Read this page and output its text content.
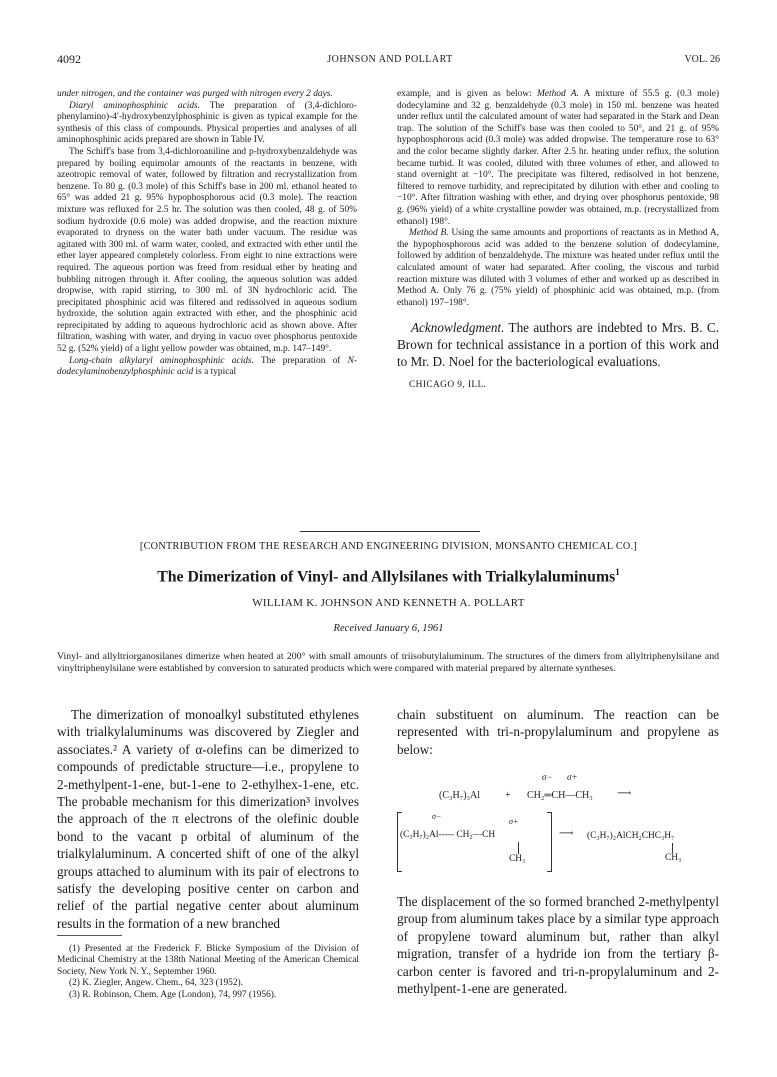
4092	JOHNSON AND POLLART	VOL. 26

under nitrogen, and the container was purged with nitrogen every 2 days.

Diaryl aminophosphinic acids. The preparation of (3,4-dichloro-phenylamino)-4′-hydroxybenzylphosphinic is given as typical example for the synthesis of this class of compounds. Physical properties and analyses of all aminophosphinic acids prepared are shown in Table IV.

The Schiff's base from 3,4-dichloroaniline and p-hydroxybenzaldehyde was prepared by boiling equimolar amounts of the reactants in benzene, with azeotropic removal of water, followed by filtration and recrystallization from benzene. To 80 g. (0.3 mole) of this Schiff's base in 200 ml. ethanol heated to 65° was added 21 g. 95% hypophosphorous acid (0.3 mole). The reaction mixture was refluxed for 2.5 hr. The solution was then cooled, 48 g. of 50% sodium hydroxide (0.6 mole) was added dropwise, and the reaction mixture evaporated to dryness on the water bath under vacuum. The residue was agitated with 300 ml. of warm water, cooled, and extracted with ether until the ether layer appeared completely colorless. From eight to nine extractions were required. The aqueous portion was freed from residual ether by heating and bubbling nitrogen through it. After cooling, the aqueous solution was added dropwise, with rapid stirring, to 300 ml. of 3N hydrochloric acid. The precipitated phosphinic acid was filtered and redissolved in aqueous sodium hydroxide, the solution again extracted with ether, and the phosphinic acid reprecipitated by adding to aqueous hydrochloric acid as shown above. After filtration, washing with water, and drying in vacuo over phosphorus pentoxide 52 g. (52% yield) of a light yellow powder was obtained, m.p. 147–149°.

Long-chain alkylaryl aminophosphinic acids. The preparation of N-dodecylaminobenzylphosphinic acid is a typical

example, and is given as below: Method A. A mixture of 55.5 g. (0.3 mole) dodecylamine and 32 g. benzaldehyde (0.3 mole) in 150 ml. benzene was heated under reflux until the calculated amount of water had separated in the Stark and Dean trap. The solution of the Schiff's base was then cooled to 50°, and 21 g. of 95% hypophosphorous acid (0.3 mole) was added dropwise. The temperature rose to 63° and the color became slightly darker. After 2.5 hr. heating under reflux, the solution became turbid. It was cooled, diluted with three volumes of ether, and allowed to stand overnight at −10°. The precipitate was filtered, redisolved in hot benzene, filtered to remove turbidity, and reprecipitated by dilution with ether and cooling to −10°. After filtration washing with ether, and drying over phosphorus pentoxide, 98 g. (96% yield) of a white crystalline powder was obtained, m.p. (recrystallized from ethanol) 198°.

Method B. Using the same amounts and proportions of reactants as in Method A, the hypophosphorous acid was added to the benzene solution of dodecylamine, followed by addition of benzaldehyde. The mixture was heated under reflux until the calculated amount of water had separated. After cooling, the viscous and turbid reaction mixture was diluted with 3 volumes of ether and worked up as described in Method A. Only 76 g. (75% yield) of phosphinic acid was obtained, m.p. (from ethanol) 197–198°.

Acknowledgment. The authors are indebted to Mrs. B. C. Brown for technical assistance in a portion of this work and to Mr. D. Noel for the bacteriological evaluations.

CHICAGO 9, ILL.

[CONTRIBUTION FROM THE RESEARCH AND ENGINEERING DIVISION, MONSANTO CHEMICAL CO.]
The Dimerization of Vinyl- and Allylsilanes with Trialkylaluminums$^1$
WILLIAM K. JOHNSON AND KENNETH A. POLLART
Received January 6, 1961
Vinyl- and allyltriorganosilanes dimerize when heated at 200° with small amounts of triisobutylaluminum. The structures of the dimers from allyltriphenylsilane and vinyltriphenylsilane were established by conversion to saturated products which were compared with material prepared by alternate syntheses.

The dimerization of monoalkyl substituted ethylenes with trialkylaluminums was discovered by Ziegler and associates.² A variety of α-olefins can be dimerized to compounds of predictable structure—i.e., propylene to 2-methylpent-1-ene, but-1-ene to 2-ethylhex-1-ene, etc. The probable mechanism for this dimerization³ involves the approach of the π electrons of the olefinic double bond to the vacant p orbital of aluminum of the trialkylaluminum. A concerted shift of one of the alkyl groups attached to aluminum with its pair of electrons to satisfy the developing positive center on carbon and relief of the partial negative center about aluminum results in the formation of a new branched

(1) Presented at the Frederick F. Blicke Symposium of the Division of Medicinal Chemistry at the 138th National Meeting of the American Chemical Society, New York N. Y., September 1960.
(2) K. Ziegler, Angew. Chem., 64, 323 (1952).
(3) R. Robinson, Chem. Age (London), 74, 997 (1956).

chain substituent on aluminum. The reaction can be represented with tri-n-propylaluminum and propylene as below:

σ− σ+
(C₃H₇)₃Al + CH₂═CH—CH₃ ⟶
σ−
σ+
(C₃H₇)₂Al----- CH₂—CH
CH₃
⟶ (C₃H₇)₂AlCH₂CHC₃H₇
CH₃

The displacement of the so formed branched 2-methylpentyl group from aluminum takes place by a similar type approach of propylene toward aluminum but, rather than alkyl migration, transfer of a hydride ion from the tertiary β-carbon center is favored and tri-n-propylaluminum and 2-methylpent-1-ene are generated.
